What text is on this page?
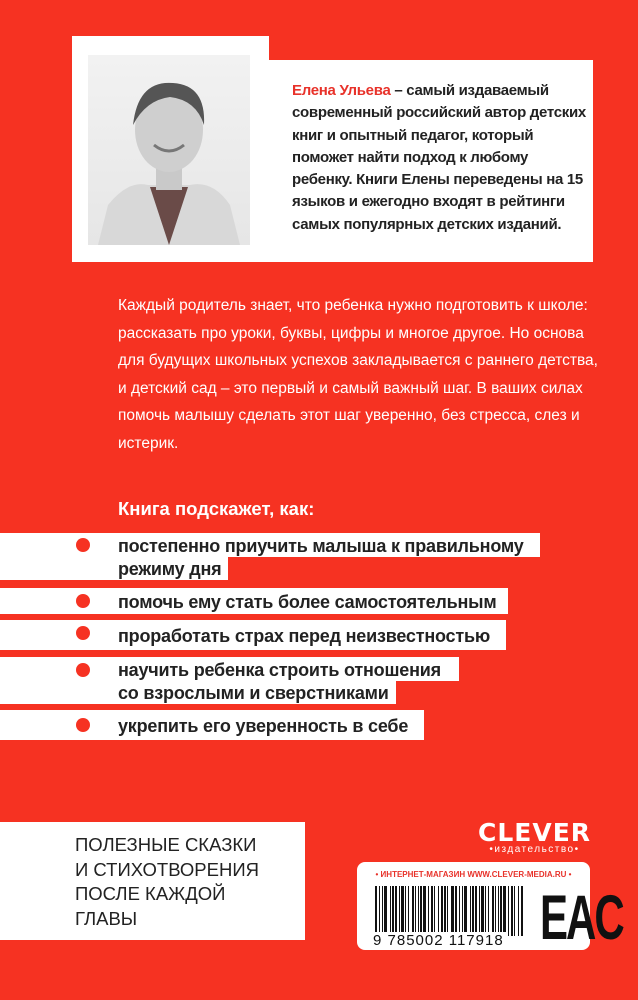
Елена Ульева – самый издаваемый современный российский автор детских книг и опытный педагог, который поможет найти подход к любому ребенку. Книги Елены переведены на 15 языков и ежегодно входят в рейтинги самых популярных детских изданий.
Каждый родитель знает, что ребенка нужно подготовить к школе: рассказать про уроки, буквы, цифры и многое другое. Но основа для будущих школьных успехов закладывается с раннего детства, и детский сад – это первый и самый важный шаг. В ваших силах помочь малышу сделать этот шаг уверенно, без стресса, слез и истерик.
Книга подскажет, как:
постепенно приучить малыша к правильному
режиму дня
помочь ему стать более самостоятельным
проработать страх перед неизвестностью
научить ребенка строить отношения
со взрослыми и сверстниками
укрепить его уверенность в себе
ПОЛЕЗНЫЕ СКАЗКИ
И СТИХОТВОРЕНИЯ
ПОСЛЕ КАЖДОЙ
ГЛАВЫ
CLEVER
•издательство•
• ИНТЕРНЕТ-МАГАЗИН WWW.CLEVER-MEDIA.RU •
9 785002 117918 EAC
